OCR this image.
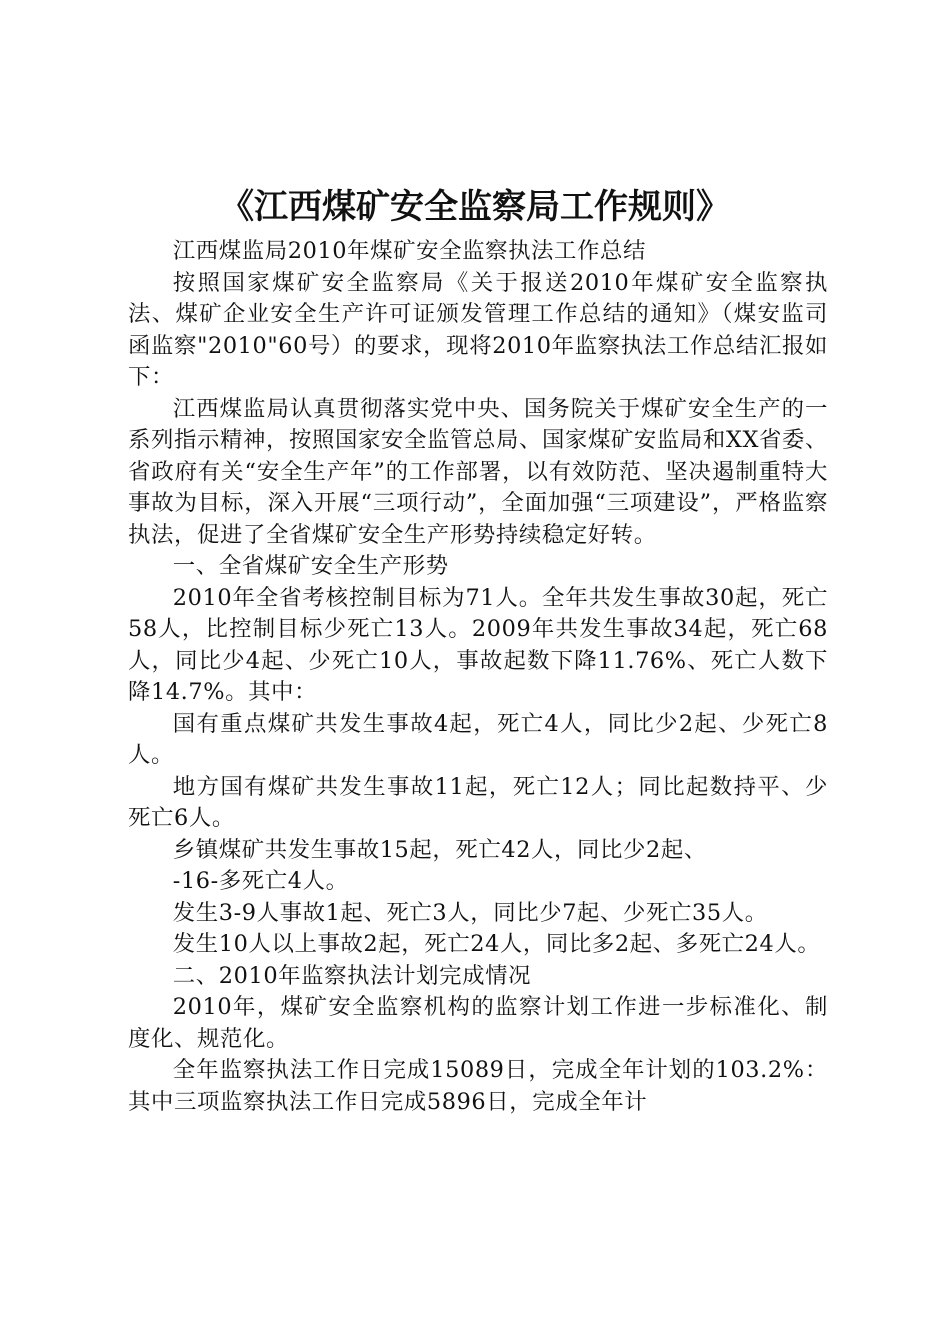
《江西煤矿安全监察局工作规则》

江西煤监局2010年煤矿安全监察执法工作总结

按照国家煤矿安全监察局《关于报送2010年煤矿安全监察执法、煤矿企业安全生产许可证颁发管理工作总结的通知》（煤安监司函监察"2010"60号）的要求，现将2010年监察执法工作总结汇报如下：

江西煤监局认真贯彻落实党中央、国务院关于煤矿安全生产的一系列指示精神，按照国家安全监管总局、国家煤矿安监局和XX省委、省政府有关“安全生产年”的工作部署，以有效防范、坚决遏制重特大事故为目标，深入开展“三项行动”，全面加强“三项建设”，严格监察执法，促进了全省煤矿安全生产形势持续稳定好转。

一、全省煤矿安全生产形势

2010年全省考核控制目标为71人。全年共发生事故30起，死亡58人，比控制目标少死亡13人。2009年共发生事故34起，死亡68人，同比少4起、少死亡10人，事故起数下降11.76%、死亡人数下降14.7%。其中：

国有重点煤矿共发生事故4起，死亡4人，同比少2起、少死亡8人。

地方国有煤矿共发生事故11起，死亡12人；同比起数持平、少死亡6人。

乡镇煤矿共发生事故15起，死亡42人，同比少2起、

-16-多死亡4人。

发生3-9人事故1起、死亡3人，同比少7起、少死亡35人。

发生10人以上事故2起，死亡24人，同比多2起、多死亡24人。

二、2010年监察执法计划完成情况

2010年，煤矿安全监察机构的监察计划工作进一步标准化、制度化、规范化。

全年监察执法工作日完成15089日，完成全年计划的103.2%：其中三项监察执法工作日完成5896日，完成全年计
